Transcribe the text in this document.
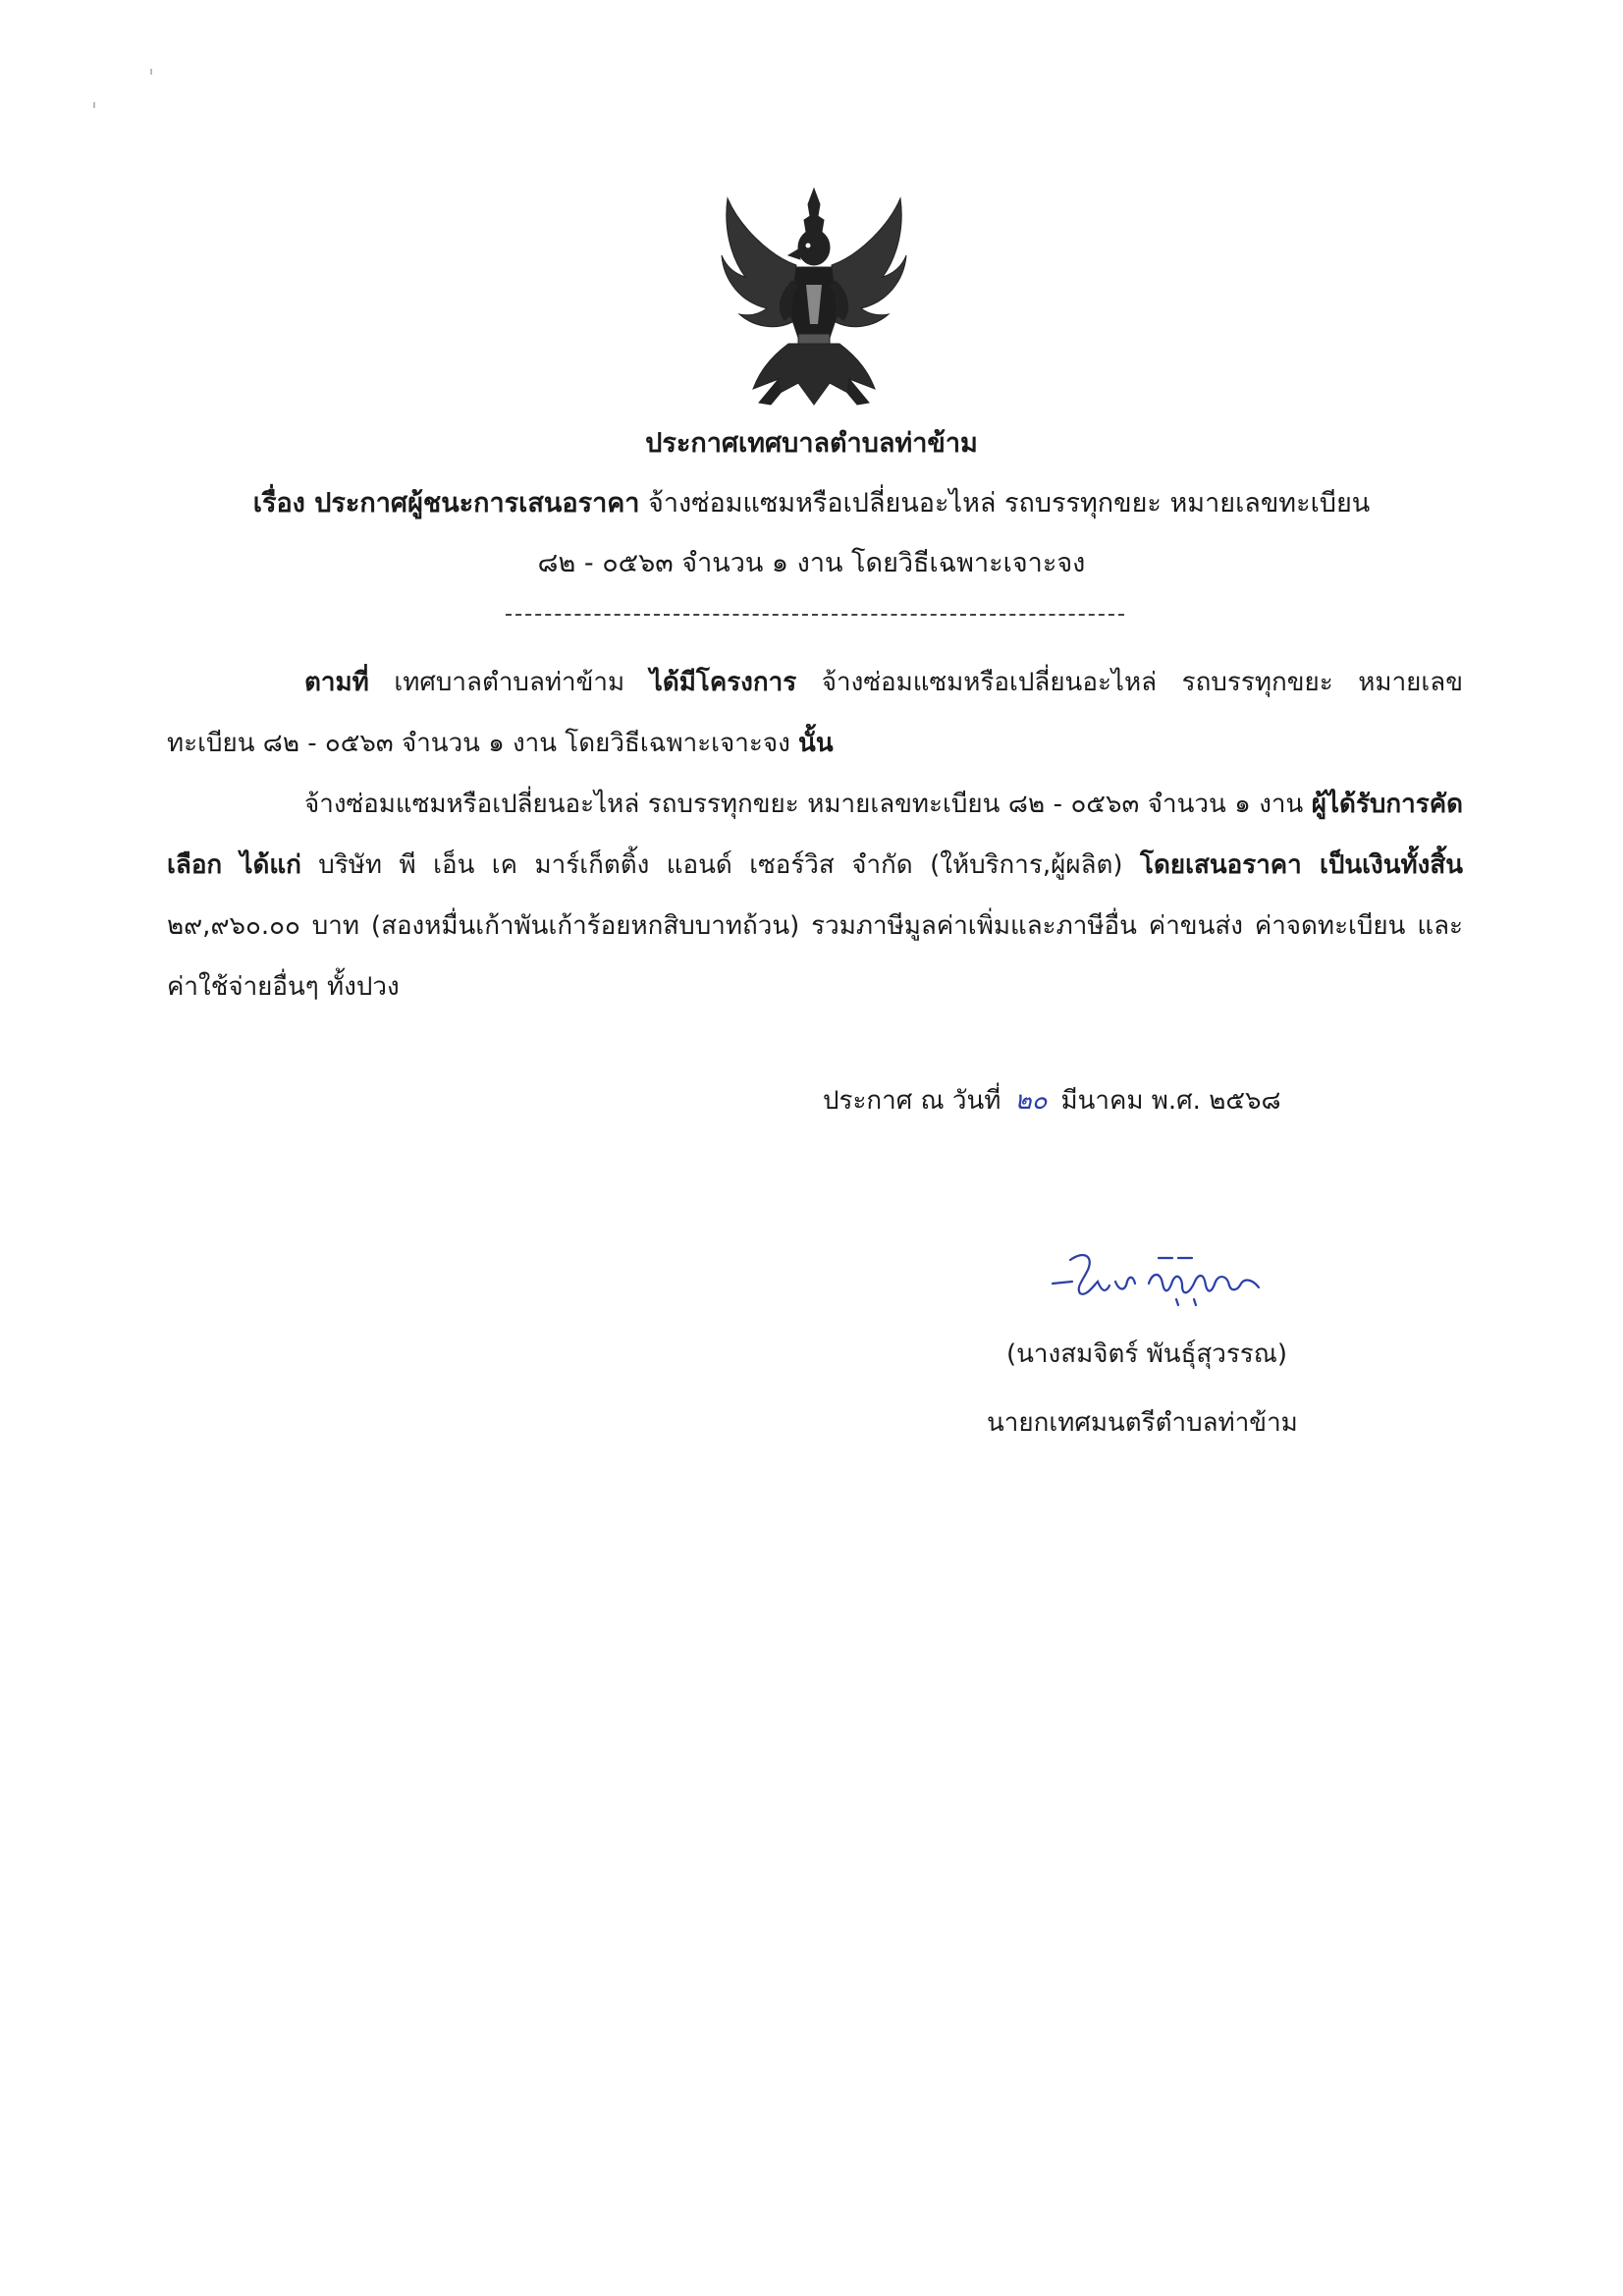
ประกาศเทศบาลตำบลท่าข้าม
เรื่อง ประกาศผู้ชนะการเสนอราคา จ้างซ่อมแซมหรือเปลี่ยนอะไหล่ รถบรรทุกขยะ หมายเลขทะเบียน
๘๒ - ๐๕๖๓ จำนวน ๑ งาน โดยวิธีเฉพาะเจาะจง
ตามที่ เทศบาลตำบลท่าข้าม ได้มีโครงการ จ้างซ่อมแซมหรือเปลี่ยนอะไหล่ รถบรรทุกขยะ หมายเลขทะเบียน ๘๒ - ๐๕๖๓ จำนวน ๑ งาน โดยวิธีเฉพาะเจาะจง นั้น
จ้างซ่อมแซมหรือเปลี่ยนอะไหล่ รถบรรทุกขยะ หมายเลขทะเบียน ๘๒ - ๐๕๖๓ จำนวน ๑ งาน ผู้ได้รับการคัดเลือก ได้แก่ บริษัท พี เอ็น เค มาร์เก็ตติ้ง แอนด์ เซอร์วิส จำกัด (ให้บริการ,ผู้ผลิต) โดยเสนอราคา เป็นเงินทั้งสิ้น ๒๙,๙๖๐.๐๐ บาท (สองหมื่นเก้าพันเก้าร้อยหกสิบบาทถ้วน) รวมภาษีมูลค่าเพิ่มและภาษีอื่น ค่าขนส่ง ค่าจดทะเบียน และค่าใช้จ่ายอื่นๆ ทั้งปวง
ประกาศ ณ วันที่ ๒๐ มีนาคม พ.ศ. ๒๕๖๘
(นางสมจิตร์ พันธุ์สุวรรณ)
นายกเทศมนตรีตำบลท่าข้าม
